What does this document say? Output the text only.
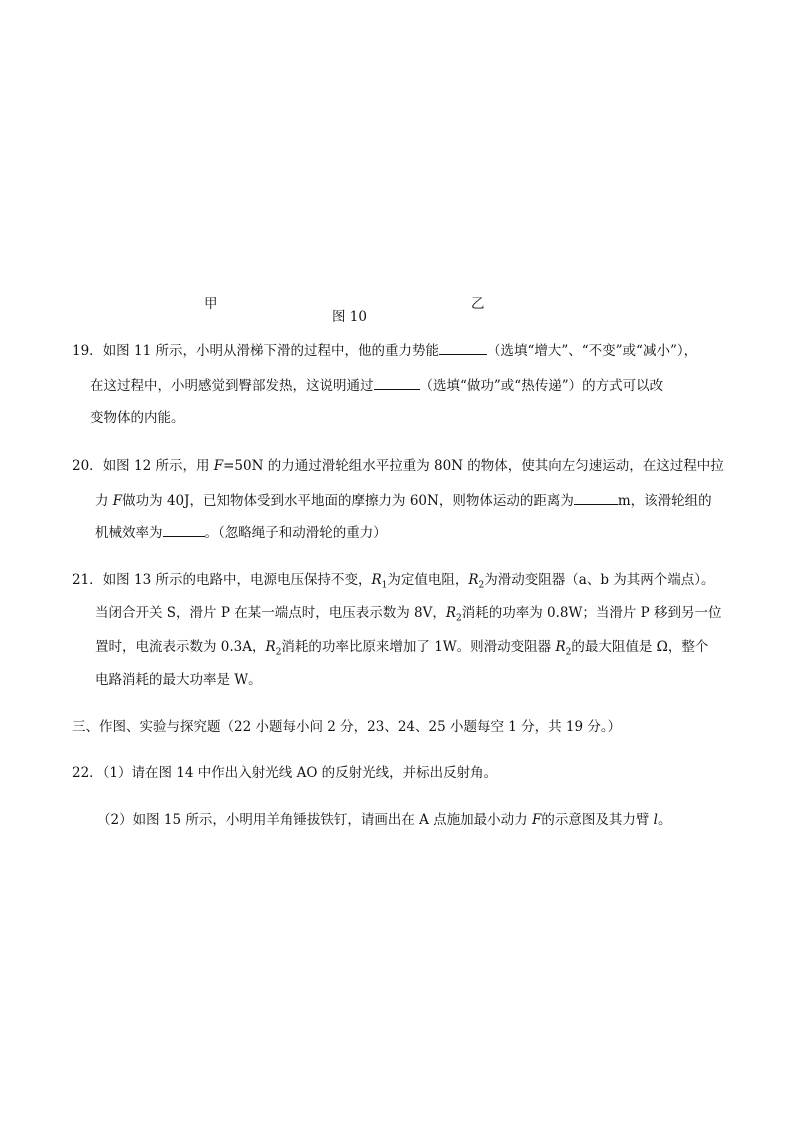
甲	乙
图 10
19．如图 11 所示，小明从滑梯下滑的过程中，他的重力势能	（选填“增大”、“不变”或“减小”），
在这过程中，小明感觉到臀部发热，这说明通过	（选填“做功”或“热传递”）的方式可以改
变物体的内能。
20．如图 12 所示，用 F=50N 的力通过滑轮组水平拉重为 80N 的物体，使其向左匀速运动，在这过程中拉
力 F做功为 40J，已知物体受到水平地面的摩擦力为 60N，则物体运动的距离为	m，该滑轮组的
机械效率为	。（忽略绳子和动滑轮的重力）
21．如图 13 所示的电路中，电源电压保持不变，$R_1$为定值电阻，$R_2$为滑动变阻器（a、b 为其两个端点）。
当闭合开关 S，滑片 P 在某一端点时，电压表示数为 8V，$R_2$消耗的功率为 0.8W；当滑片 P 移到另一位
置时，电流表示数为 0.3A，$R_2$消耗的功率比原来增加了 1W。则滑动变阻器 $R_2$的最大阻值是 Ω，整个
电路消耗的最大功率是 W。
三、作图、实验与探究题（22 小题每小问 2 分，23、24、25 小题每空 1 分，共 19 分。）
22．（1）请在图 14 中作出入射光线 AO 的反射光线，并标出反射角。
（2）如图 15 所示，小明用羊角锤拔铁钉，请画出在 A 点施加最小动力 F的示意图及其力臂 l。
